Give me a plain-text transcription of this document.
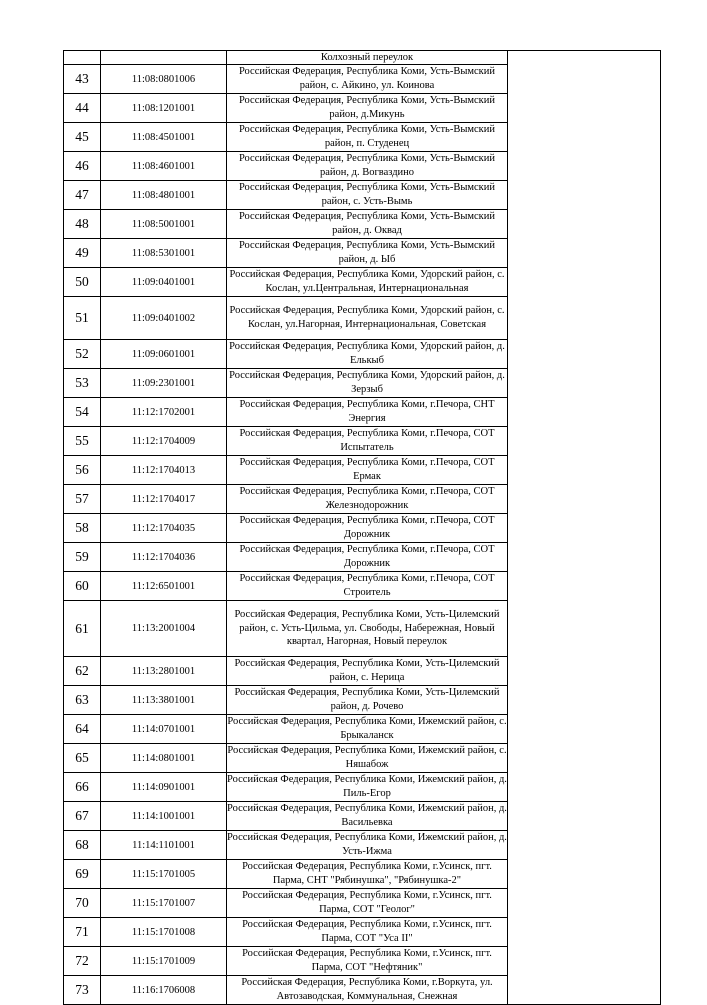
		Колхозный переулок	
43	11:08:0801006	Российская Федерация, Республика Коми, Усть-Вымский район, с. Айкино, ул. Коинова	
44	11:08:1201001	Российская Федерация, Республика Коми, Усть-Вымский район, д.Микунь	
45	11:08:4501001	Российская Федерация, Республика Коми, Усть-Вымский район, п. Студенец	
46	11:08:4601001	Российская Федерация, Республика Коми, Усть-Вымский район, д. Вогваздино	
47	11:08:4801001	Российская Федерация, Республика Коми, Усть-Вымский район, с. Усть-Вымь	
48	11:08:5001001	Российская Федерация, Республика Коми, Усть-Вымский район, д. Оквад	
49	11:08:5301001	Российская Федерация, Республика Коми, Усть-Вымский район, д. Ыб	
50	11:09:0401001	Российская Федерация, Республика Коми, Удорский район, с. Кослан, ул.Центральная, Интернациональная	
51	11:09:0401002	Российская Федерация, Республика Коми, Удорский район, с. Кослан, ул.Нагорная, Интернациональная, Советская	
52	11:09:0601001	Российская Федерация, Республика Коми, Удорский район, д. Елькыб	
53	11:09:2301001	Российская Федерация, Республика Коми, Удорский район, д. Зерзыб	
54	11:12:1702001	Российская Федерация, Республика Коми, г.Печора, СНТ Энергия	
55	11:12:1704009	Российская Федерация, Республика Коми, г.Печора, СОТ Испытатель	
56	11:12:1704013	Российская Федерация, Республика Коми, г.Печора, СОТ Ермак	
57	11:12:1704017	Российская Федерация, Республика Коми, г.Печора, СОТ Железнодорожник	
58	11:12:1704035	Российская Федерация, Республика Коми, г.Печора, СОТ Дорожник	
59	11:12:1704036	Российская Федерация, Республика Коми, г.Печора, СОТ Дорожник	
60	11:12:6501001	Российская Федерация, Республика Коми, г.Печора, СОТ Строитель	
61	11:13:2001004	Российская Федерация, Республика Коми, Усть-Цилемский район, с. Усть-Цильма, ул. Свободы, Набережная, Новый квартал, Нагорная, Новый переулок	
62	11:13:2801001	Российская Федерация, Республика Коми, Усть-Цилемский район, с. Нерица	
63	11:13:3801001	Российская Федерация, Республика Коми, Усть-Цилемский район, д. Рочево	
64	11:14:0701001	Российская Федерация, Республика Коми, Ижемский район, с. Брыкаланск	
65	11:14:0801001	Российская Федерация, Республика Коми, Ижемский район, с. Няшабож	
66	11:14:0901001	Российская Федерация, Республика Коми, Ижемский район, д. Пиль-Егор	
67	11:14:1001001	Российская Федерация, Республика Коми, Ижемский район, д. Васильевка	
68	11:14:1101001	Российская Федерация, Республика Коми, Ижемский район, д. Усть-Ижма	
69	11:15:1701005	Российская Федерация, Республика Коми, г.Усинск, пгт. Парма, СНТ "Рябинушка", "Рябинушка-2"	
70	11:15:1701007	Российская Федерация, Республика Коми, г.Усинск, пгт. Парма, СОТ "Геолог"	
71	11:15:1701008	Российская Федерация, Республика Коми, г.Усинск, пгт. Парма, СОТ "Уса II"	
72	11:15:1701009	Российская Федерация, Республика Коми, г.Усинск, пгт. Парма, СОТ "Нефтяник"	
73	11:16:1706008	Российская Федерация, Республика Коми, г.Воркута, ул. Автозаводская, Коммунальная, Снежная	
